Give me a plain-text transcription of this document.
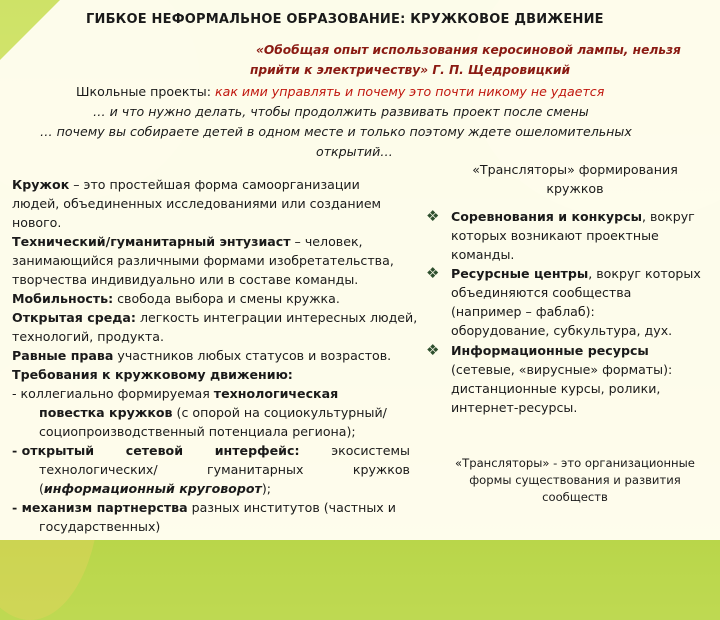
ГИБКОЕ НЕФОРМАЛЬНОЕ ОБРАЗОВАНИЕ: КРУЖКОВОЕ ДВИЖЕНИЕ
«Обобщая опыт использования керосиновой лампы, нельзя
прийти к электричеству» Г. П. Щедровицкий
Школьные проекты: как ими управлять и почему это почти никому не удается
… и что нужно делать, чтобы продолжить развивать проект после смены
… почему вы собираете детей в одном месте и только поэтому ждете ошеломительных
открытий…
Кружок – это простейшая форма самоорганизации
людей, объединенных исследованиями или созданием
нового.
Технический/гуманитарный энтузиаст – человек,
занимающийся различными формами изобретательства,
творчества индивидуально или в составе команды.
Мобильность: свобода выбора и смены кружка.
Открытая среда: легкость интеграции интересных людей,
технологий, продукта.
Равные права участников любых статусов и возрастов.
Требования к кружковому движению:
- коллегиально формируемая технологическая
повестка кружков (с опорой на социокультурный/
социопроизводственный потенциала региона);
- открытый	сетевой	интерфейс:	экосистемы
технологических/	гуманитарных	кружков
(информационный круговорот);
- механизм партнерства разных институтов (частных и
государственных)
«Трансляторы» формирования
кружков
❖ Соревнования и конкурсы, вокруг
которых возникают проектные
команды.
❖ Ресурсные центры, вокруг которых
объединяются сообщества
(например – фаблаб):
оборудование, субкультура, дух.
❖ Информационные ресурсы
(сетевые, «вирусные» форматы):
дистанционные курсы, ролики,
интернет-ресурсы.
«Трансляторы» - это организационные
формы существования и развития
сообществ
